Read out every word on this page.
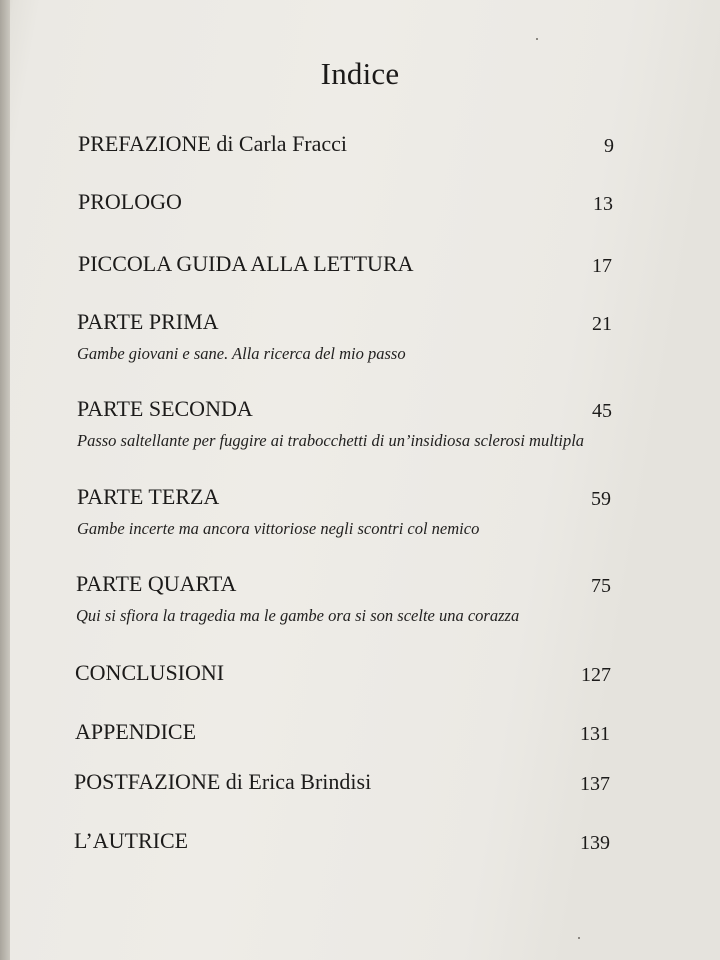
Indice
PREFAZIONE di Carla Fracci	9
PROLOGO	13
PICCOLA GUIDA ALLA LETTURA	17
PARTE PRIMA	21
Gambe giovani e sane. Alla ricerca del mio passo
PARTE SECONDA	45
Passo saltellante per fuggire ai trabocchetti di un’insidiosa sclerosi multipla
PARTE TERZA	59
Gambe incerte ma ancora vittoriose negli scontri col nemico
PARTE QUARTA	75
Qui si sfiora la tragedia ma le gambe ora si son scelte una corazza
CONCLUSIONI	127
APPENDICE	131
POSTFAZIONE di Erica Brindisi	137
L’AUTRICE	139
